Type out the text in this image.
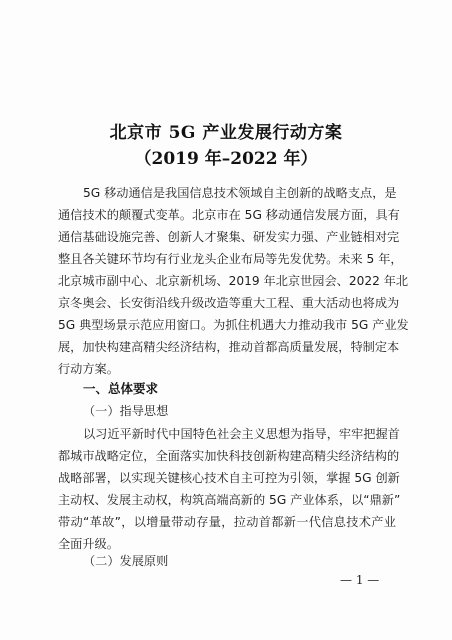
北京市 5G 产业发展行动方案
（2019 年–2022 年）
5G 移动通信是我国信息技术领域自主创新的战略支点，是
通信技术的颠覆式变革。北京市在 5G 移动通信发展方面，具有
通信基础设施完善、创新人才聚集、研发实力强、产业链相对完
整且各关键环节均有行业龙头企业布局等先发优势。未来 5 年，
北京城市副中心、北京新机场、2019 年北京世园会、2022 年北
京冬奥会、长安街沿线升级改造等重大工程、重大活动也将成为
5G 典型场景示范应用窗口。为抓住机遇大力推动我市 5G 产业发
展，加快构建高精尖经济结构，推动首都高质量发展，特制定本
行动方案。
一、总体要求
（一）指导思想
以习近平新时代中国特色社会主义思想为指导，牢牢把握首
都城市战略定位，全面落实加快科技创新构建高精尖经济结构的
战略部署，以实现关键核心技术自主可控为引领，掌握 5G 创新
主动权、发展主动权，构筑高端高新的 5G 产业体系，以“鼎新”
带动“革故”，以增量带动存量，拉动首都新一代信息技术产业
全面升级。
（二）发展原则
— 1 —
